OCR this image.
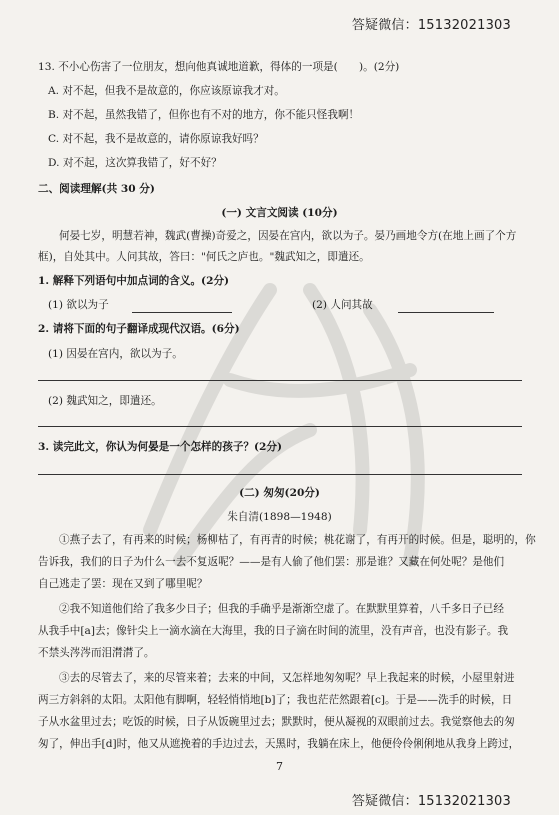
答疑微信：15132021303
13. 不小心伤害了一位朋友，想向他真诚地道歉，得体的一项是(　　)。(2分)
A. 对不起，但我不是故意的，你应该原谅我才对。
B. 对不起，虽然我错了，但你也有不对的地方，你不能只怪我啊！
C. 对不起，我不是故意的，请你原谅我好吗？
D. 对不起，这次算我错了，好不好？
二、阅读理解(共 30 分)
(一) 文言文阅读 (10分)
何晏七岁，明慧若神，魏武(曹操)奇爱之，因晏在宫内，欲以为子。晏乃画地令方(在地上画了个方
框)，自处其中。人问其故，答曰："何氏之庐也。"魏武知之，即遣还。
1. 解释下列语句中加点词的含义。(2分)
(1) 欲以为子	(2) 人问其故
2. 请将下面的句子翻译成现代汉语。(6分)
(1) 因晏在宫内，欲以为子。
(2) 魏武知之，即遣还。
3. 读完此文，你认为何晏是一个怎样的孩子？(2分)
(二) 匆匆(20分)
朱自清(1898—1948)
①燕子去了，有再来的时候；杨柳枯了，有再青的时候；桃花谢了，有再开的时候。但是，聪明的，你
告诉我，我们的日子为什么一去不复返呢？——是有人偷了他们罢：那是谁？又藏在何处呢？是他们
自己逃走了罢：现在又到了哪里呢？
②我不知道他们给了我多少日子；但我的手确乎是渐渐空虚了。在默默里算着，八千多日子已经
从我手中[a]去；像针尖上一滴水滴在大海里，我的日子滴在时间的流里，没有声音，也没有影子。我
不禁头涔涔而泪潸潸了。
③去的尽管去了，来的尽管来着；去来的中间，又怎样地匆匆呢？早上我起来的时候，小屋里射进
两三方斜斜的太阳。太阳他有脚啊，轻轻悄悄地[b]了；我也茫茫然跟着[c]。于是——洗手的时候，日
子从水盆里过去；吃饭的时候，日子从饭碗里过去；默默时，便从凝视的双眼前过去。我觉察他去的匆
匆了，伸出手[d]时，他又从遮挽着的手边过去，天黑时，我躺在床上，他便伶伶俐俐地从我身上跨过，
7
答疑微信：15132021303
